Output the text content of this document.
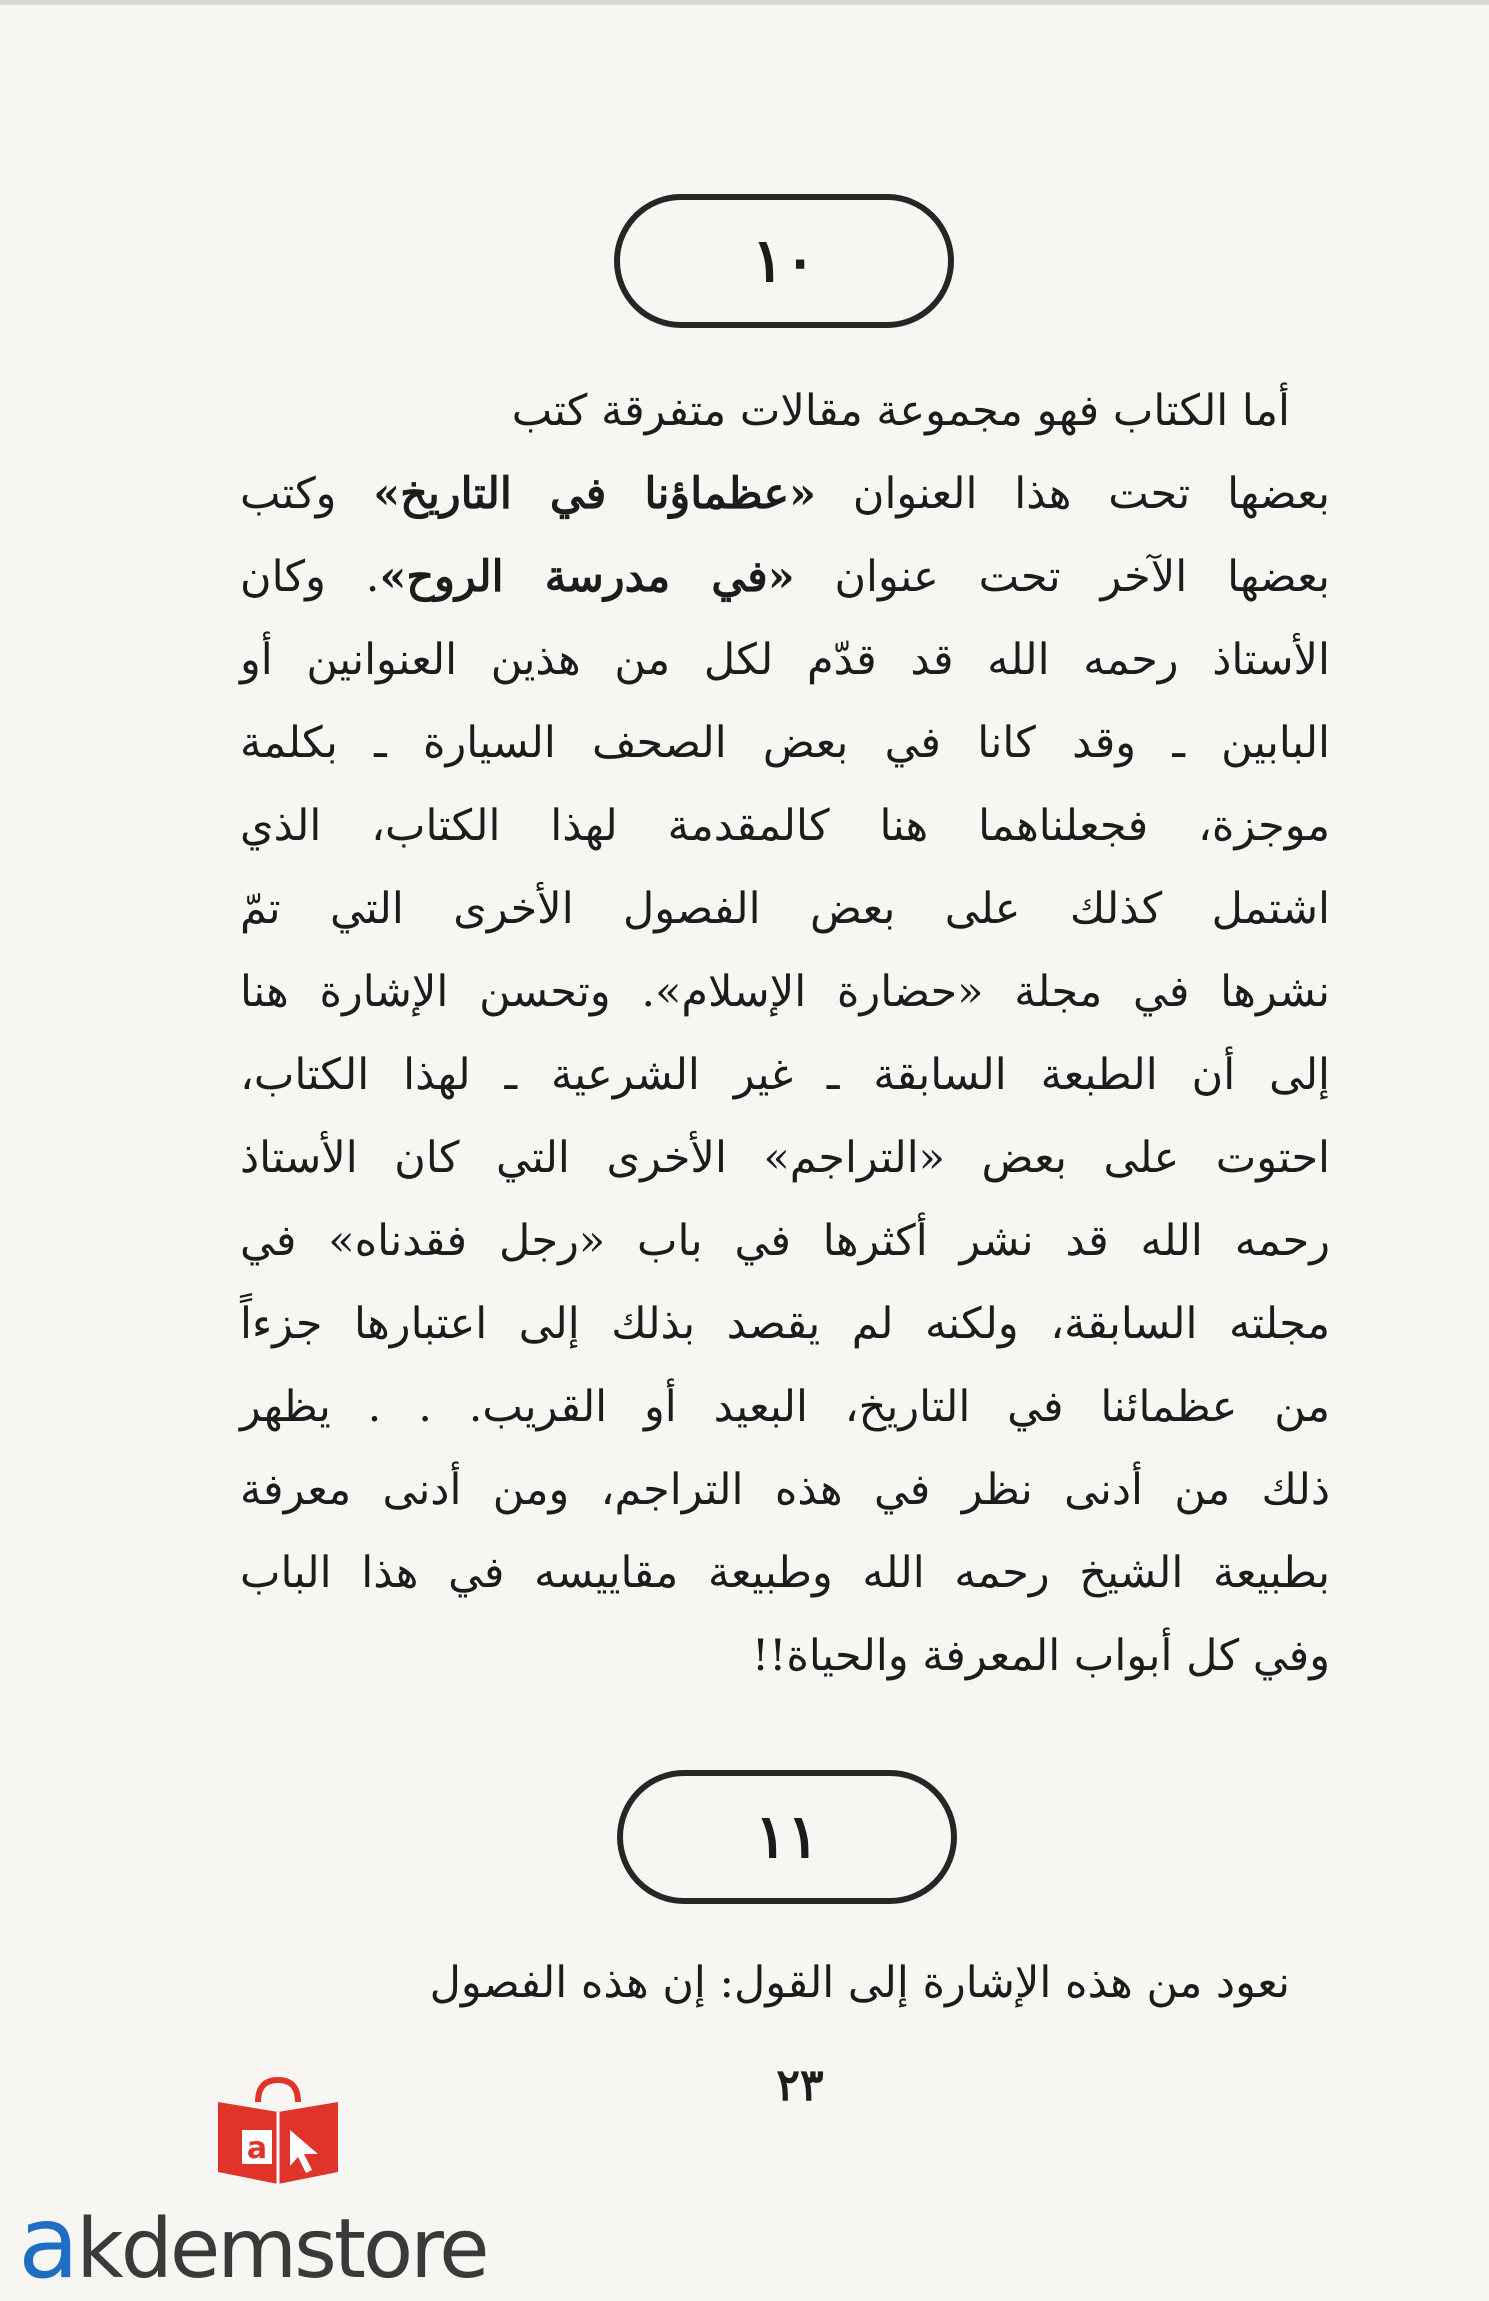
١٠
أما الكتاب فهو مجموعة مقالات متفرقة كتب
بعضها تحت هذا العنوان «عظماؤنا في التاريخ» وكتب
بعضها الآخر تحت عنوان «في مدرسة الروح». وكان
الأستاذ رحمه الله قد قدّم لكل من هذين العنوانين أو
البابين ـ وقد كانا في بعض الصحف السيارة ـ بكلمة
موجزة، فجعلناهما هنا كالمقدمة لهذا الكتاب، الذي
اشتمل كذلك على بعض الفصول الأخرى التي تمّ
نشرها في مجلة «حضارة الإسلام». وتحسن الإشارة هنا
إلى أن الطبعة السابقة ـ غير الشرعية ـ لهذا الكتاب،
احتوت على بعض «التراجم» الأخرى التي كان الأستاذ
رحمه الله قد نشر أكثرها في باب «رجل فقدناه» في
مجلته السابقة، ولكنه لم يقصد بذلك إلى اعتبارها جزءاً
من عظمائنا في التاريخ، البعيد أو القريب. . . يظهر
ذلك من أدنى نظر في هذه التراجم، ومن أدنى معرفة
بطبيعة الشيخ رحمه الله وطبيعة مقاييسه في هذا الباب
وفي كل أبواب المعرفة والحياة!!
١١
نعود من هذه الإشارة إلى القول: إن هذه الفصول
٢٣
a
akdemstore
